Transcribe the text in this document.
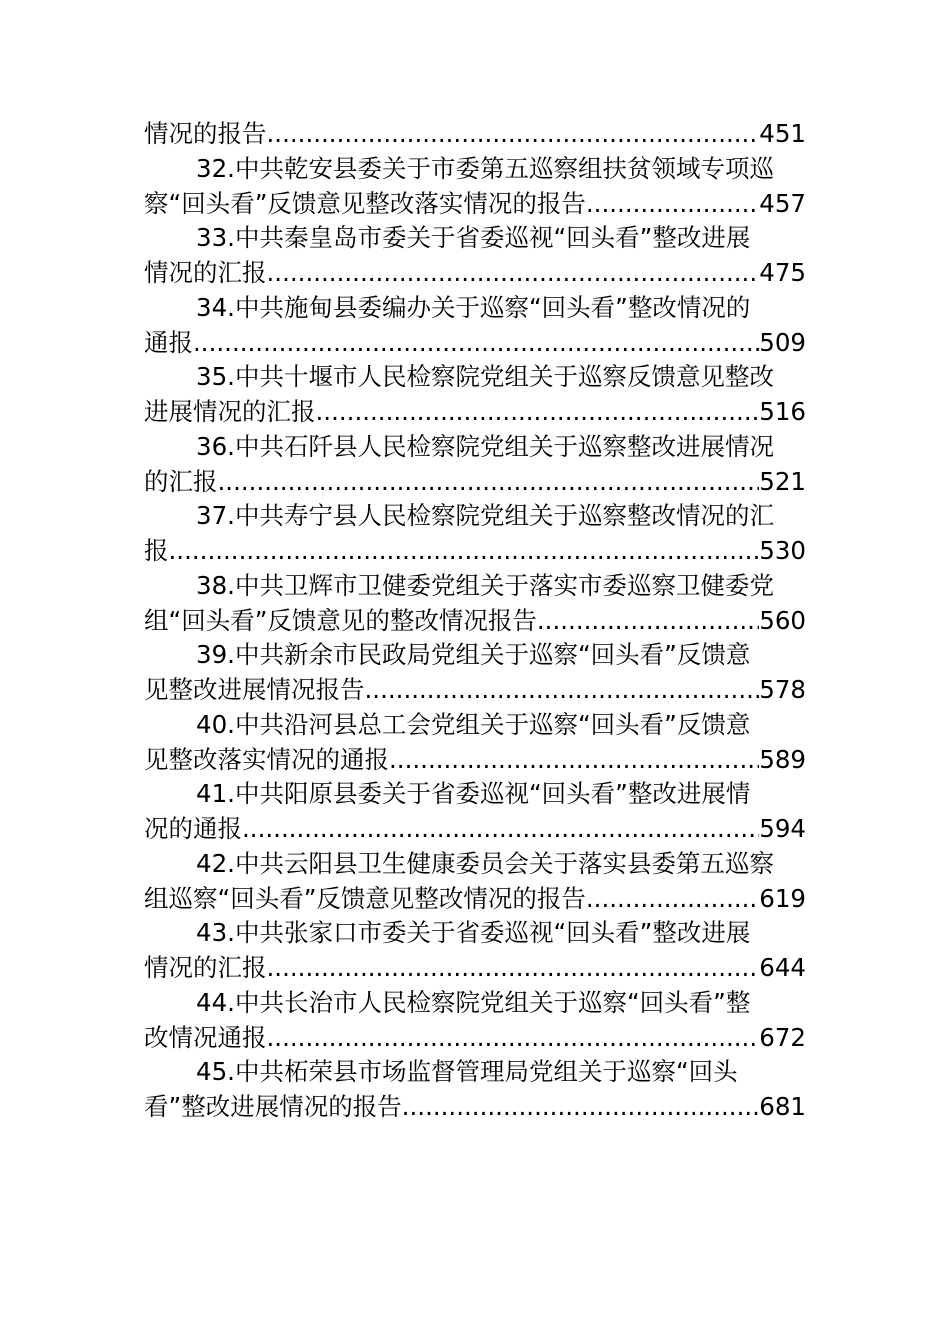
情况的报告 .....	451
32.中共乾安县委关于市委第五巡察组扶贫领域专项巡
察“回头看”反馈意见整改落实情况的报告 .....	457
33.中共秦皇岛市委关于省委巡视“回头看”整改进展
情况的汇报 .....	475
34.中共施甸县委编办关于巡察“回头看”整改情况的
通报 .....	509
35.中共十堰市人民检察院党组关于巡察反馈意见整改
进展情况的汇报 .....	516
36.中共石阡县人民检察院党组关于巡察整改进展情况
的汇报 .....	521
37.中共寿宁县人民检察院党组关于巡察整改情况的汇
报 .....	530
38.中共卫辉市卫健委党组关于落实市委巡察卫健委党
组“回头看”反馈意见的整改情况报告 .....	560
39.中共新余市民政局党组关于巡察“回头看”反馈意
见整改进展情况报告 .....	578
40.中共沿河县总工会党组关于巡察“回头看”反馈意
见整改落实情况的通报 .....	589
41.中共阳原县委关于省委巡视“回头看”整改进展情
况的通报 .....	594
42.中共云阳县卫生健康委员会关于落实县委第五巡察
组巡察“回头看”反馈意见整改情况的报告 .....	619
43.中共张家口市委关于省委巡视“回头看”整改进展
情况的汇报 .....	644
44.中共长治市人民检察院党组关于巡察“回头看”整
改情况通报 .....	672
45.中共柘荣县市场监督管理局党组关于巡察“回头
看”整改进展情况的报告 .....	681
